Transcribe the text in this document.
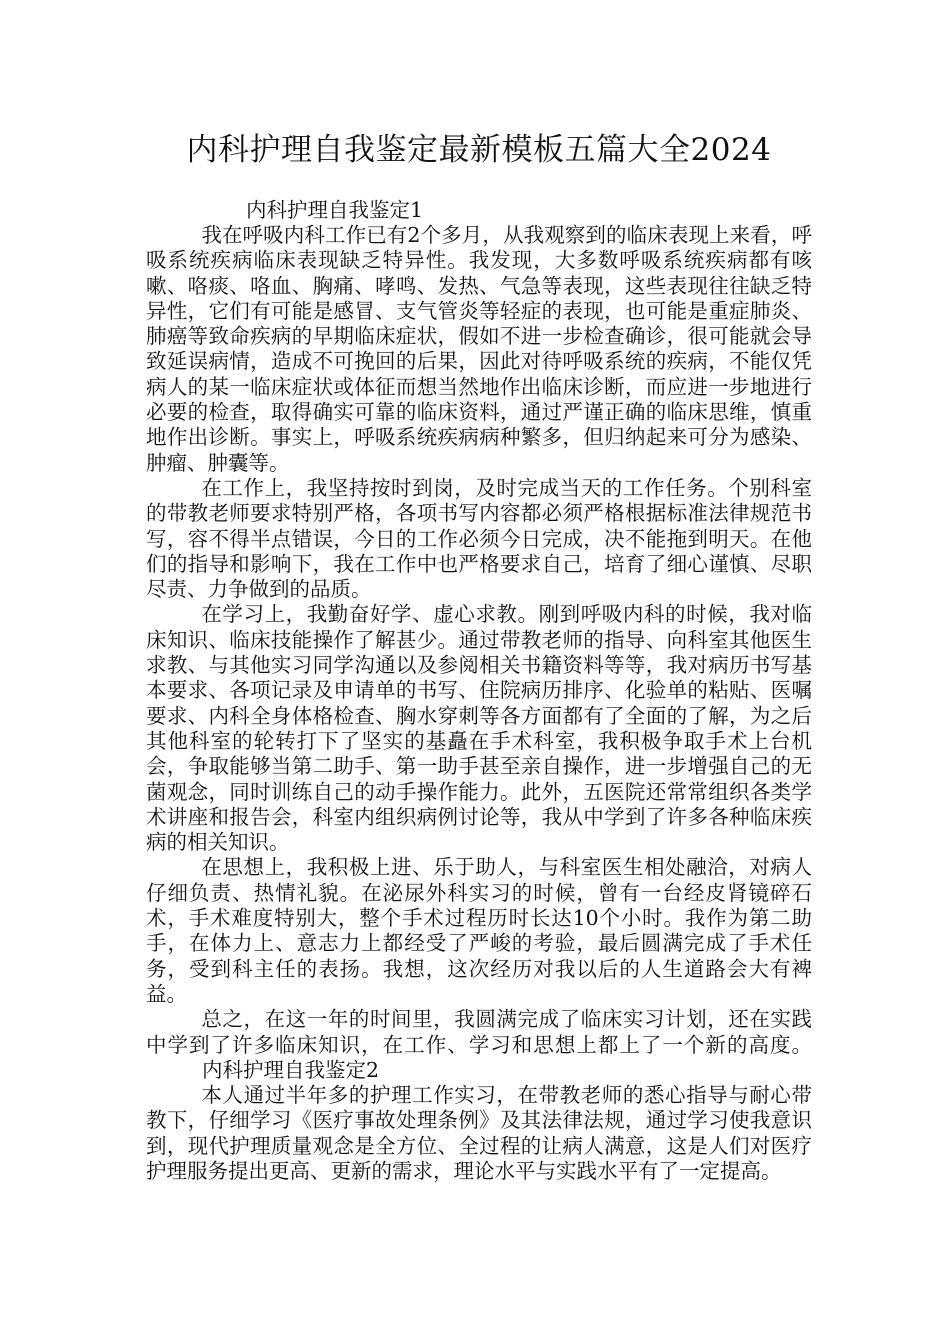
内科护理自我鉴定最新模板五篇大全2024

内科护理自我鉴定1

我在呼吸内科工作已有2个多月，从我观察到的临床表现上来看，呼吸系统疾病临床表现缺乏特异性。我发现，大多数呼吸系统疾病都有咳嗽、咯痰、咯血、胸痛、哮鸣、发热、气急等表现，这些表现往往缺乏特异性，它们有可能是感冒、支气管炎等轻症的表现，也可能是重症肺炎、肺癌等致命疾病的早期临床症状，假如不进一步检查确诊，很可能就会导致延误病情，造成不可挽回的后果，因此对待呼吸系统的疾病，不能仅凭病人的某一临床症状或体征而想当然地作出临床诊断，而应进一步地进行必要的检查，取得确实可靠的临床资料，通过严谨正确的临床思维，慎重地作出诊断。事实上，呼吸系统疾病病种繁多，但归纳起来可分为感染、肿瘤、肿囊等。

在工作上，我坚持按时到岗，及时完成当天的工作任务。个别科室的带教老师要求特别严格，各项书写内容都必须严格根据标准法律规范书写，容不得半点错误，今日的工作必须今日完成，决不能拖到明天。在他们的指导和影响下，我在工作中也严格要求自己，培育了细心谨慎、尽职尽责、力争做到的品质。

在学习上，我勤奋好学、虚心求教。刚到呼吸内科的时候，我对临床知识、临床技能操作了解甚少。通过带教老师的指导、向科室其他医生求教、与其他实习同学沟通以及参阅相关书籍资料等等，我对病历书写基本要求、各项记录及申请单的书写、住院病历排序、化验单的粘贴、医嘱要求、内科全身体格检查、胸水穿刺等各方面都有了全面的了解，为之后其他科室的轮转打下了坚实的基矗在手术科室，我积极争取手术上台机会，争取能够当第二助手、第一助手甚至亲自操作，进一步增强自己的无菌观念，同时训练自己的动手操作能力。此外，五医院还常常组织各类学术讲座和报告会，科室内组织病例讨论等，我从中学到了许多各种临床疾病的相关知识。

在思想上，我积极上进、乐于助人，与科室医生相处融洽，对病人仔细负责、热情礼貌。在泌尿外科实习的时候，曾有一台经皮肾镜碎石术，手术难度特别大，整个手术过程历时长达10个小时。我作为第二助手，在体力上、意志力上都经受了严峻的考验，最后圆满完成了手术任务，受到科主任的表扬。我想，这次经历对我以后的人生道路会大有裨益。

总之，在这一年的时间里，我圆满完成了临床实习计划，还在实践中学到了许多临床知识，在工作、学习和思想上都上了一个新的高度。内科护理自我鉴定2

本人通过半年多的护理工作实习，在带教老师的悉心指导与耐心带教下，仔细学习《医疗事故处理条例》及其法律法规，通过学习使我意识到，现代护理质量观念是全方位、全过程的让病人满意，这是人们对医疗护理服务提出更高、更新的需求，理论水平与实践水平有了一定提高。
